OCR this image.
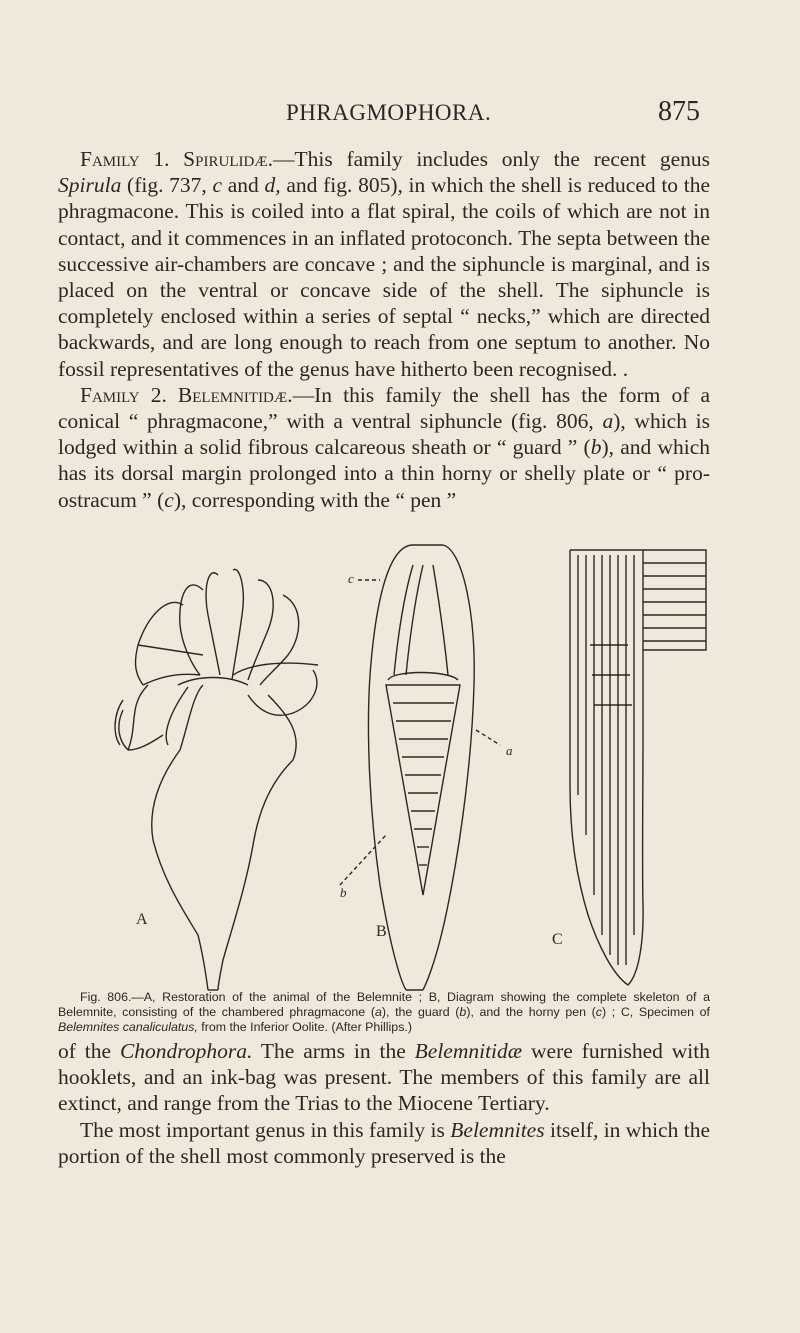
PHRAGMOPHORA.	875

Family 1. Spirulidæ.—This family includes only the recent genus Spirula (fig. 737, c and d, and fig. 805), in which the shell is reduced to the phragmacone. This is coiled into a flat spiral, the coils of which are not in contact, and it commences in an inflated protoconch. The septa between the successive air-chambers are concave ; and the siphuncle is marginal, and is placed on the ventral or concave side of the shell. The siphuncle is completely enclosed within a series of septal “ necks,” which are directed backwards, and are long enough to reach from one septum to another. No fossil representatives of the genus have hitherto been recognised. .

Family 2. Belemnitidæ.—In this family the shell has the form of a conical “ phragmacone,” with a ventral siphuncle (fig. 806, a), which is lodged within a solid fibrous calcareous sheath or “ guard ” (b), and which has its dorsal margin prolonged into a thin horny or shelly plate or “ pro-ostracum ” (c), corresponding with the “ pen ”

A
B	C
a
b
c

Fig. 806.—A, Restoration of the animal of the Belemnite ; B, Diagram showing the complete skeleton of a Belemnite, consisting of the chambered phragmacone (a), the guard (b), and the horny pen (c) ; C, Specimen of Belemnites canaliculatus, from the Inferior Oolite. (After Phillips.)

of the Chondrophora. The arms in the Belemnitidæ were furnished with hooklets, and an ink-bag was present. The members of this family are all extinct, and range from the Trias to the Miocene Tertiary.

The most important genus in this family is Belemnites itself, in which the portion of the shell most commonly preserved is the
